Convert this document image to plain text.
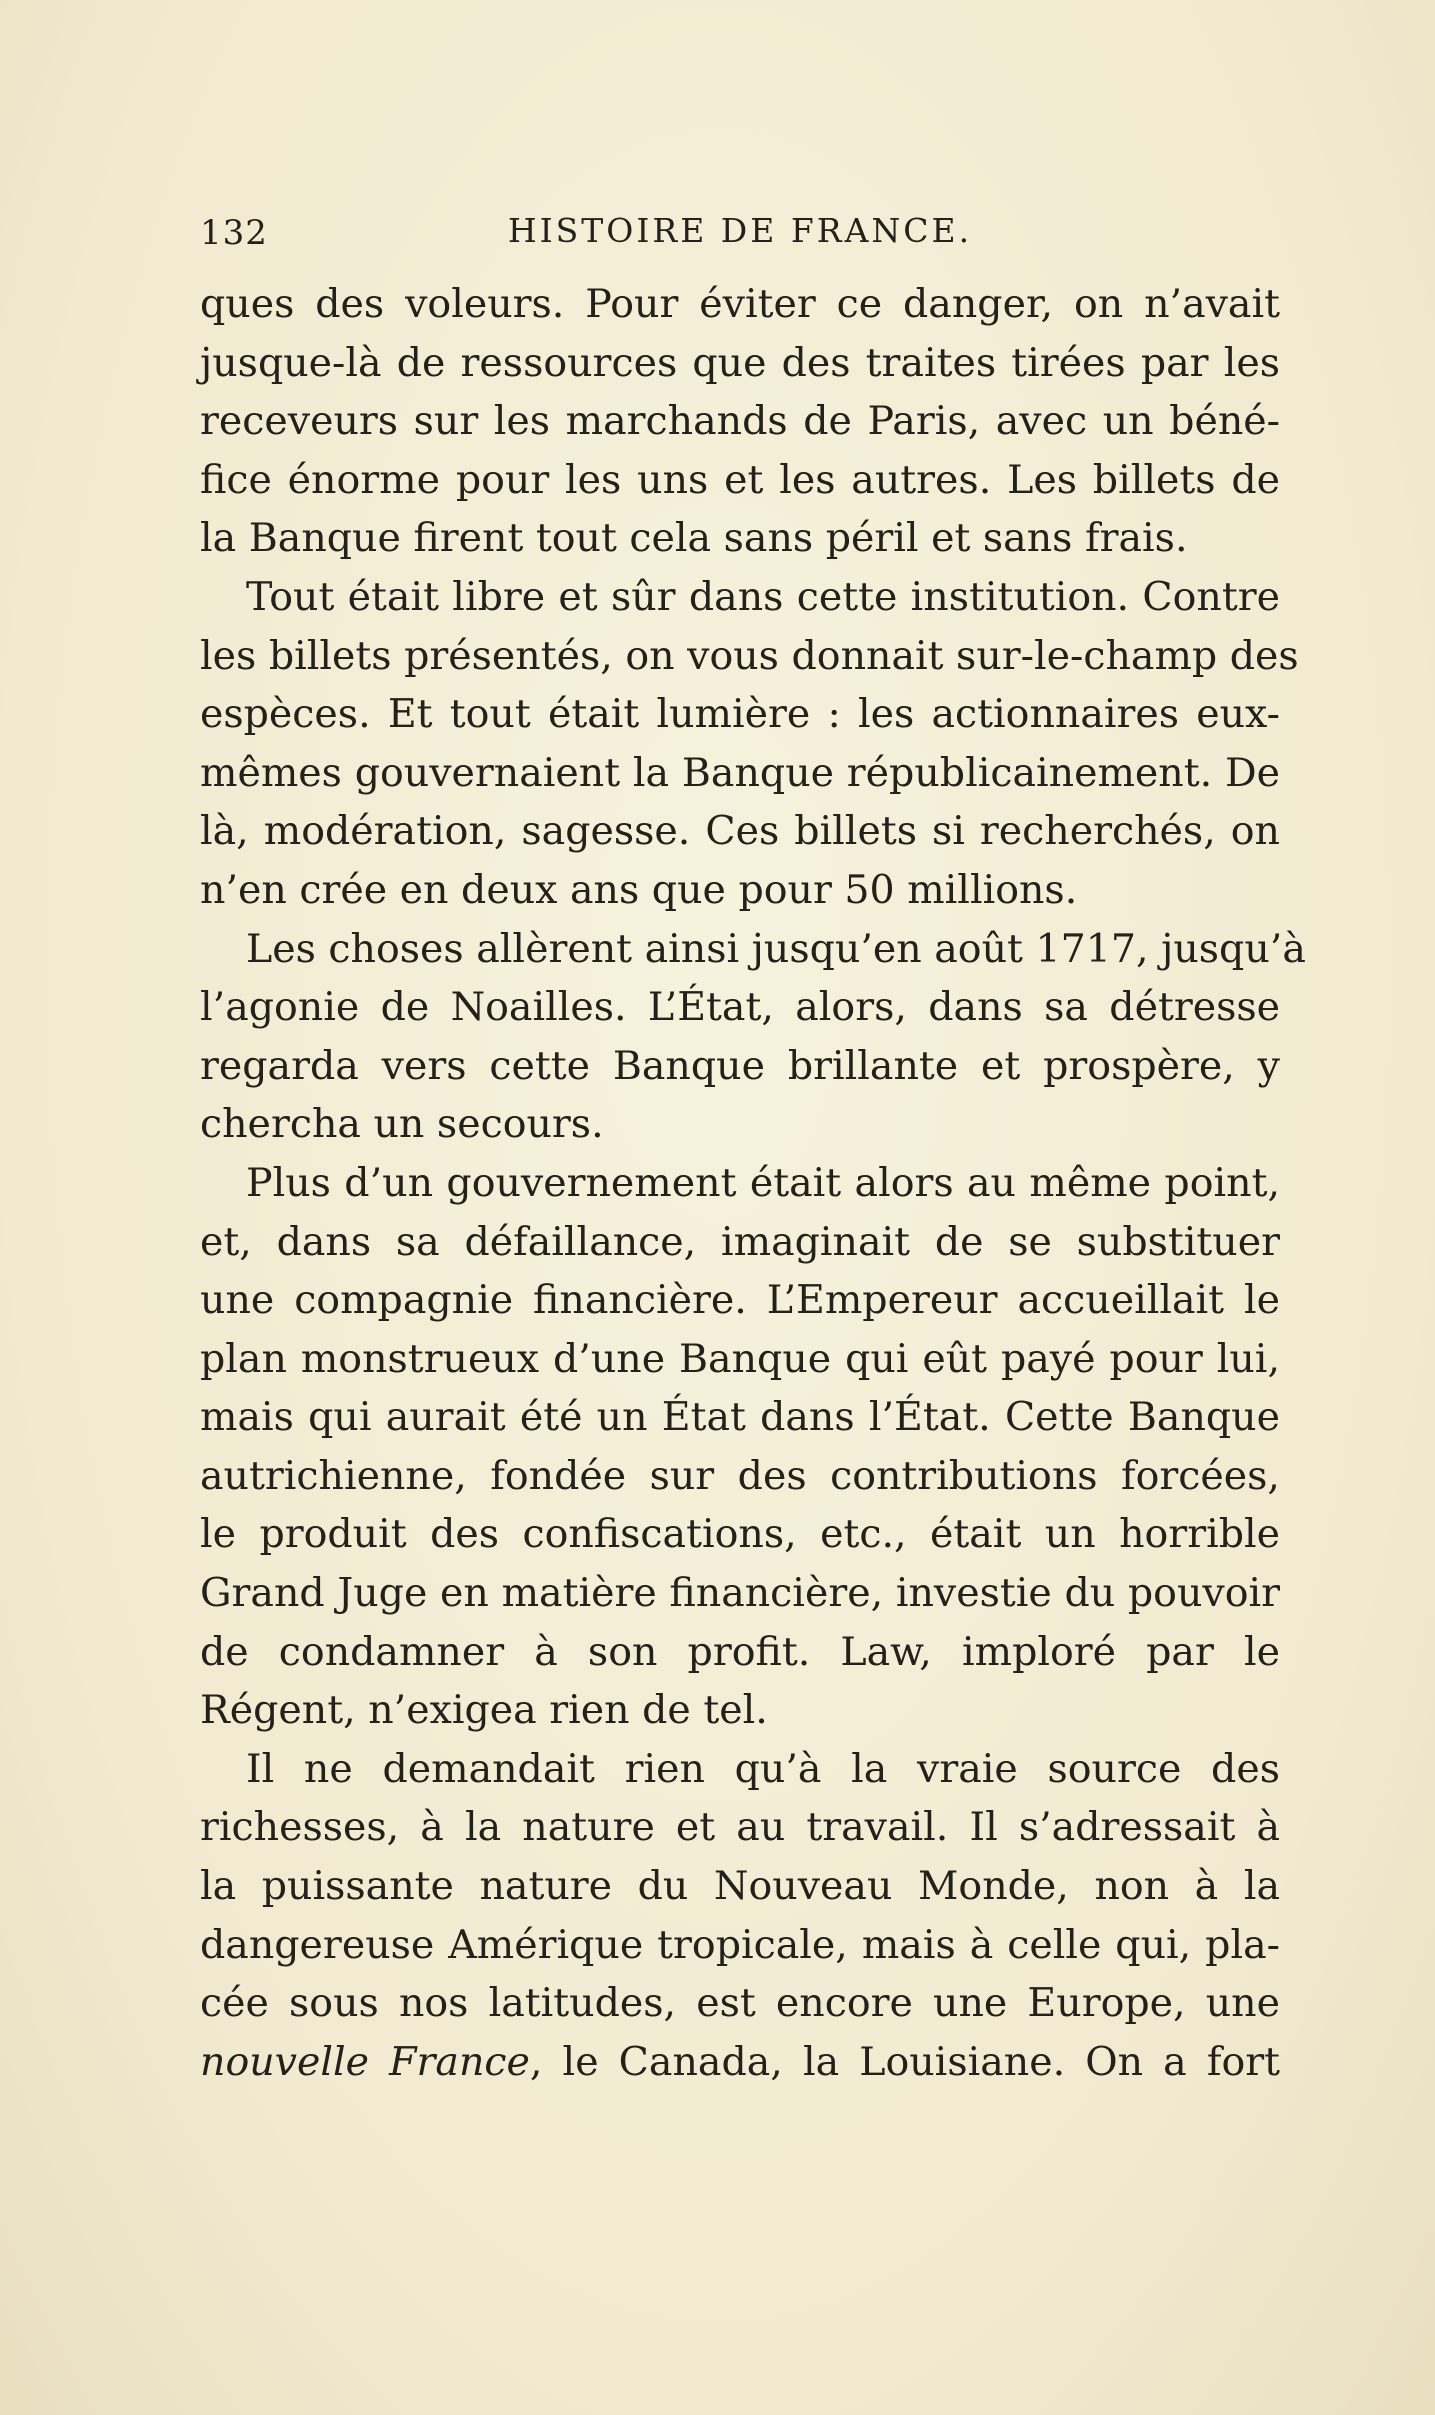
132	HISTOIRE DE FRANCE.
ques des voleurs. Pour éviter ce danger, on n’avait
jusque-là de ressources que des traites tirées par les
receveurs sur les marchands de Paris, avec un béné-
fice énorme pour les uns et les autres. Les billets de
la Banque firent tout cela sans péril et sans frais.
Tout était libre et sûr dans cette institution. Contre
les billets présentés, on vous donnait sur-le-champ des
espèces. Et tout était lumière : les actionnaires eux-
mêmes gouvernaient la Banque républicainement. De
là, modération, sagesse. Ces billets si recherchés, on
n’en crée en deux ans que pour 50 millions.
Les choses allèrent ainsi jusqu’en août 1717, jusqu’à
l’agonie de Noailles. L’État, alors, dans sa détresse
regarda vers cette Banque brillante et prospère, y
chercha un secours.
Plus d’un gouvernement était alors au même point,
et, dans sa défaillance, imaginait de se substituer
une compagnie financière. L’Empereur accueillait le
plan monstrueux d’une Banque qui eût payé pour lui,
mais qui aurait été un État dans l’État. Cette Banque
autrichienne, fondée sur des contributions forcées,
le produit des confiscations, etc., était un horrible
Grand Juge en matière financière, investie du pouvoir
de condamner à son profit. Law, imploré par le
Régent, n’exigea rien de tel.
Il ne demandait rien qu’à la vraie source des
richesses, à la nature et au travail. Il s’adressait à
la puissante nature du Nouveau Monde, non à la
dangereuse Amérique tropicale, mais à celle qui, pla-
cée sous nos latitudes, est encore une Europe, une
nouvelle France, le Canada, la Louisiane. On a fort
